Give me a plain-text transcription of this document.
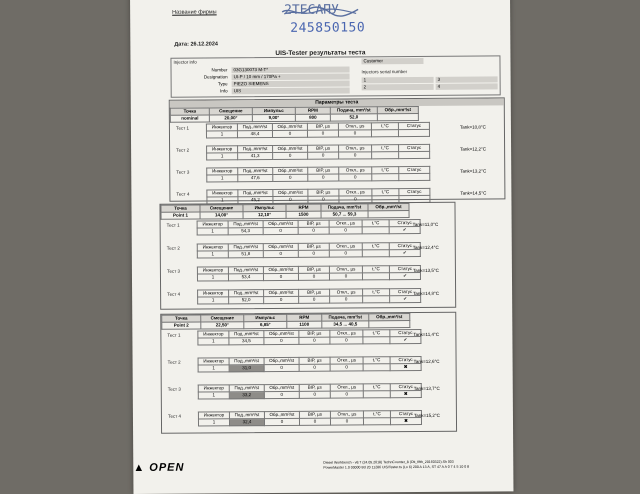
Название фирмы	2ТЕСАПУ
245850150
Дата: 26.12.2024
UIS-Tester результаты теста
Injector info
Number	03G130073 M-T*
Designation	UI-P / 10 mm / 170Pa +
Type	PIEZO SIEMENS
Info	UIS
Customer
Injectors serial number
1	3
2	4
Параметры теста
Точка	Смещение	Импульс	RPM	Подача, mm³/st	Обр.,mm³/st
nominal	20,00°	9,00°	800	52,0	
Тест 1	Инжектор	Под.,mm³/st	Обр.,mm³/st	BIP, µs	Откл., µs	t,°C	Статус
1	48,4	0	0	0		
Tank=10,8°C
Тест 2	Инжектор	Под.,mm³/st	Обр.,mm³/st	BIP, µs	Откл., µs	t,°C	Статус
1	41,3	0	0	0		
Tank=12,2°C
Тест 3	Инжектор	Под.,mm³/st	Обр.,mm³/st	BIP, µs	Откл., µs	t,°C	Статус
1	47,6	0	0	0		
Tank=13,2°C
Тест 4	Инжектор	Под.,mm³/st	Обр.,mm³/st	BIP, µs	Откл., µs	t,°C	Статус
1	45,2	0	0	0		
Tank=14,5°C
Точка	Смещение	Импульс	RPM	Подача, mm³/st	Обр.,mm³/st
Point 1	14,00°	12,10°	1500	50,7 ... 59,3	
Тест 1	Инжектор	Под.,mm³/st	Обр.,mm³/st	BIP, µs	Откл., µs	t,°C	Статус
1	54,3	0	0	0		✔
Tank=11,0°C
Тест 2	Инжектор	Под.,mm³/st	Обр.,mm³/st	BIP, µs	Откл., µs	t,°C	Статус
1	51,8	0	0	0		✔
Tank=12,4°C
Тест 3	Инжектор	Под.,mm³/st	Обр.,mm³/st	BIP, µs	Откл., µs	t,°C	Статус
1	53,4	0	0	0		✔
Tank=13,5°C
Тест 4	Инжектор	Под.,mm³/st	Обр.,mm³/st	BIP, µs	Откл., µs	t,°C	Статус
1	52,0	0	0	0		✔
Tank=14,8°C
Точка	Смещение	Импульс	RPM	Подача, mm³/st	Обр.,mm³/st
Point 2	22,50°	6,85°	1100	34,5 ... 40,5	
Тест 1	Инжектор	Под.,mm³/st	Обр.,mm³/st	BIP, µs	Откл., µs	t,°C	Статус
1	34,5	0	0	0		✔
Tank=11,4°C
Тест 2	Инжектор	Под.,mm³/st	Обр.,mm³/st	BIP, µs	Откл., µs	t,°C	Статус
1	31,0	0	0	0		✖
Tank=12,6°C
Тест 3	Инжектор	Под.,mm³/st	Обр.,mm³/st	BIP, µs	Откл., µs	t,°C	Статус
1	33,2	0	0	0		✖
Tank=13,7°C
Тест 4	Инжектор	Под.,mm³/st	Обр.,mm³/st	BIP, µs	Откл., µs	t,°C	Статус
1	32,4	0	0	0		✖
Tank=15,2°C
▲ OPEN	Diesel Workbench - v8.7 (24.05.2018) TechnCounter_8 (Ok_fifth_20160322).Sh 003
PowerMaster 1.0 00000 Bd 20 11286 UIS/Tester.ts (Lo 6) 200 A 13 A, ST 47 A A 0 7 4 5 10 0 8
